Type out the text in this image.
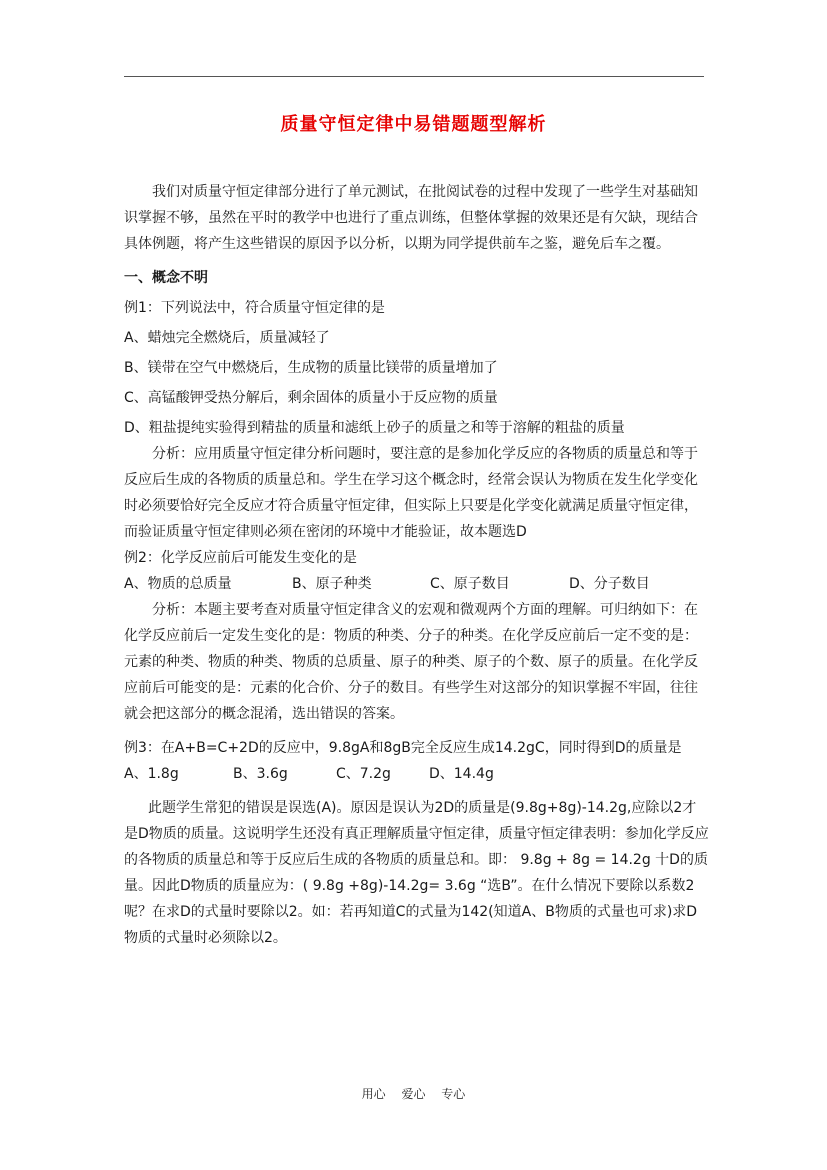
质量守恒定律中易错题题型解析

我们对质量守恒定律部分进行了单元测试，在批阅试卷的过程中发现了一些学生对基础知识掌握不够，虽然在平时的教学中也进行了重点训练，但整体掌握的效果还是有欠缺，现结合具体例题，将产生这些错误的原因予以分析，以期为同学提供前车之鉴，避免后车之覆。

一、概念不明

例1：下列说法中，符合质量守恒定律的是

A、蜡烛完全燃烧后，质量减轻了

B、镁带在空气中燃烧后，生成物的质量比镁带的质量增加了

C、高锰酸钾受热分解后，剩余固体的质量小于反应物的质量

D、粗盐提纯实验得到精盐的质量和滤纸上砂子的质量之和等于溶解的粗盐的质量

分析：应用质量守恒定律分析问题时，要注意的是参加化学反应的各物质的质量总和等于反应后生成的各物质的质量总和。学生在学习这个概念时，经常会误认为物质在发生化学变化时必须要恰好完全反应才符合质量守恒定律，但实际上只要是化学变化就满足质量守恒定律，而验证质量守恒定律则必须在密闭的环境中才能验证，故本题选D

例2：化学反应前后可能发生变化的是

A、物质的总质量	B、原子种类	C、原子数目	D、分子数目

分析：本题主要考查对质量守恒定律含义的宏观和微观两个方面的理解。可归纳如下：在化学反应前后一定发生变化的是：物质的种类、分子的种类。在化学反应前后一定不变的是：元素的种类、物质的种类、物质的总质量、原子的种类、原子的个数、原子的质量。在化学反应前后可能变的是：元素的化合价、分子的数目。有些学生对这部分的知识掌握不牢固，往往就会把这部分的概念混淆，选出错误的答案。

例3：在A+B=C+2D的反应中，9.8gA和8gB完全反应生成14.2gC，同时得到D的质量是

A、1.8g	B、3.6g	C、7.2g	D、14.4g

此题学生常犯的错误是误选(A)。原因是误认为2D的质量是(9.8g+8g)-14.2g,应除以2才是D物质的质量。这说明学生还没有真正理解质量守恒定律，质量守恒定律表明：参加化学反应的各物质的质量总和等于反应后生成的各物质的质量总和。即： 9.8g + 8g = 14.2g 十D的质量。因此D物质的质量应为：( 9.8g +8g)-14.2g= 3.6g “选B”。在什么情况下要除以系数2呢？在求D的式量时要除以2。如：若再知道C的式量为142(知道A、B物质的式量也可求)求D物质的式量时必须除以2。

用心 爱心 专心
